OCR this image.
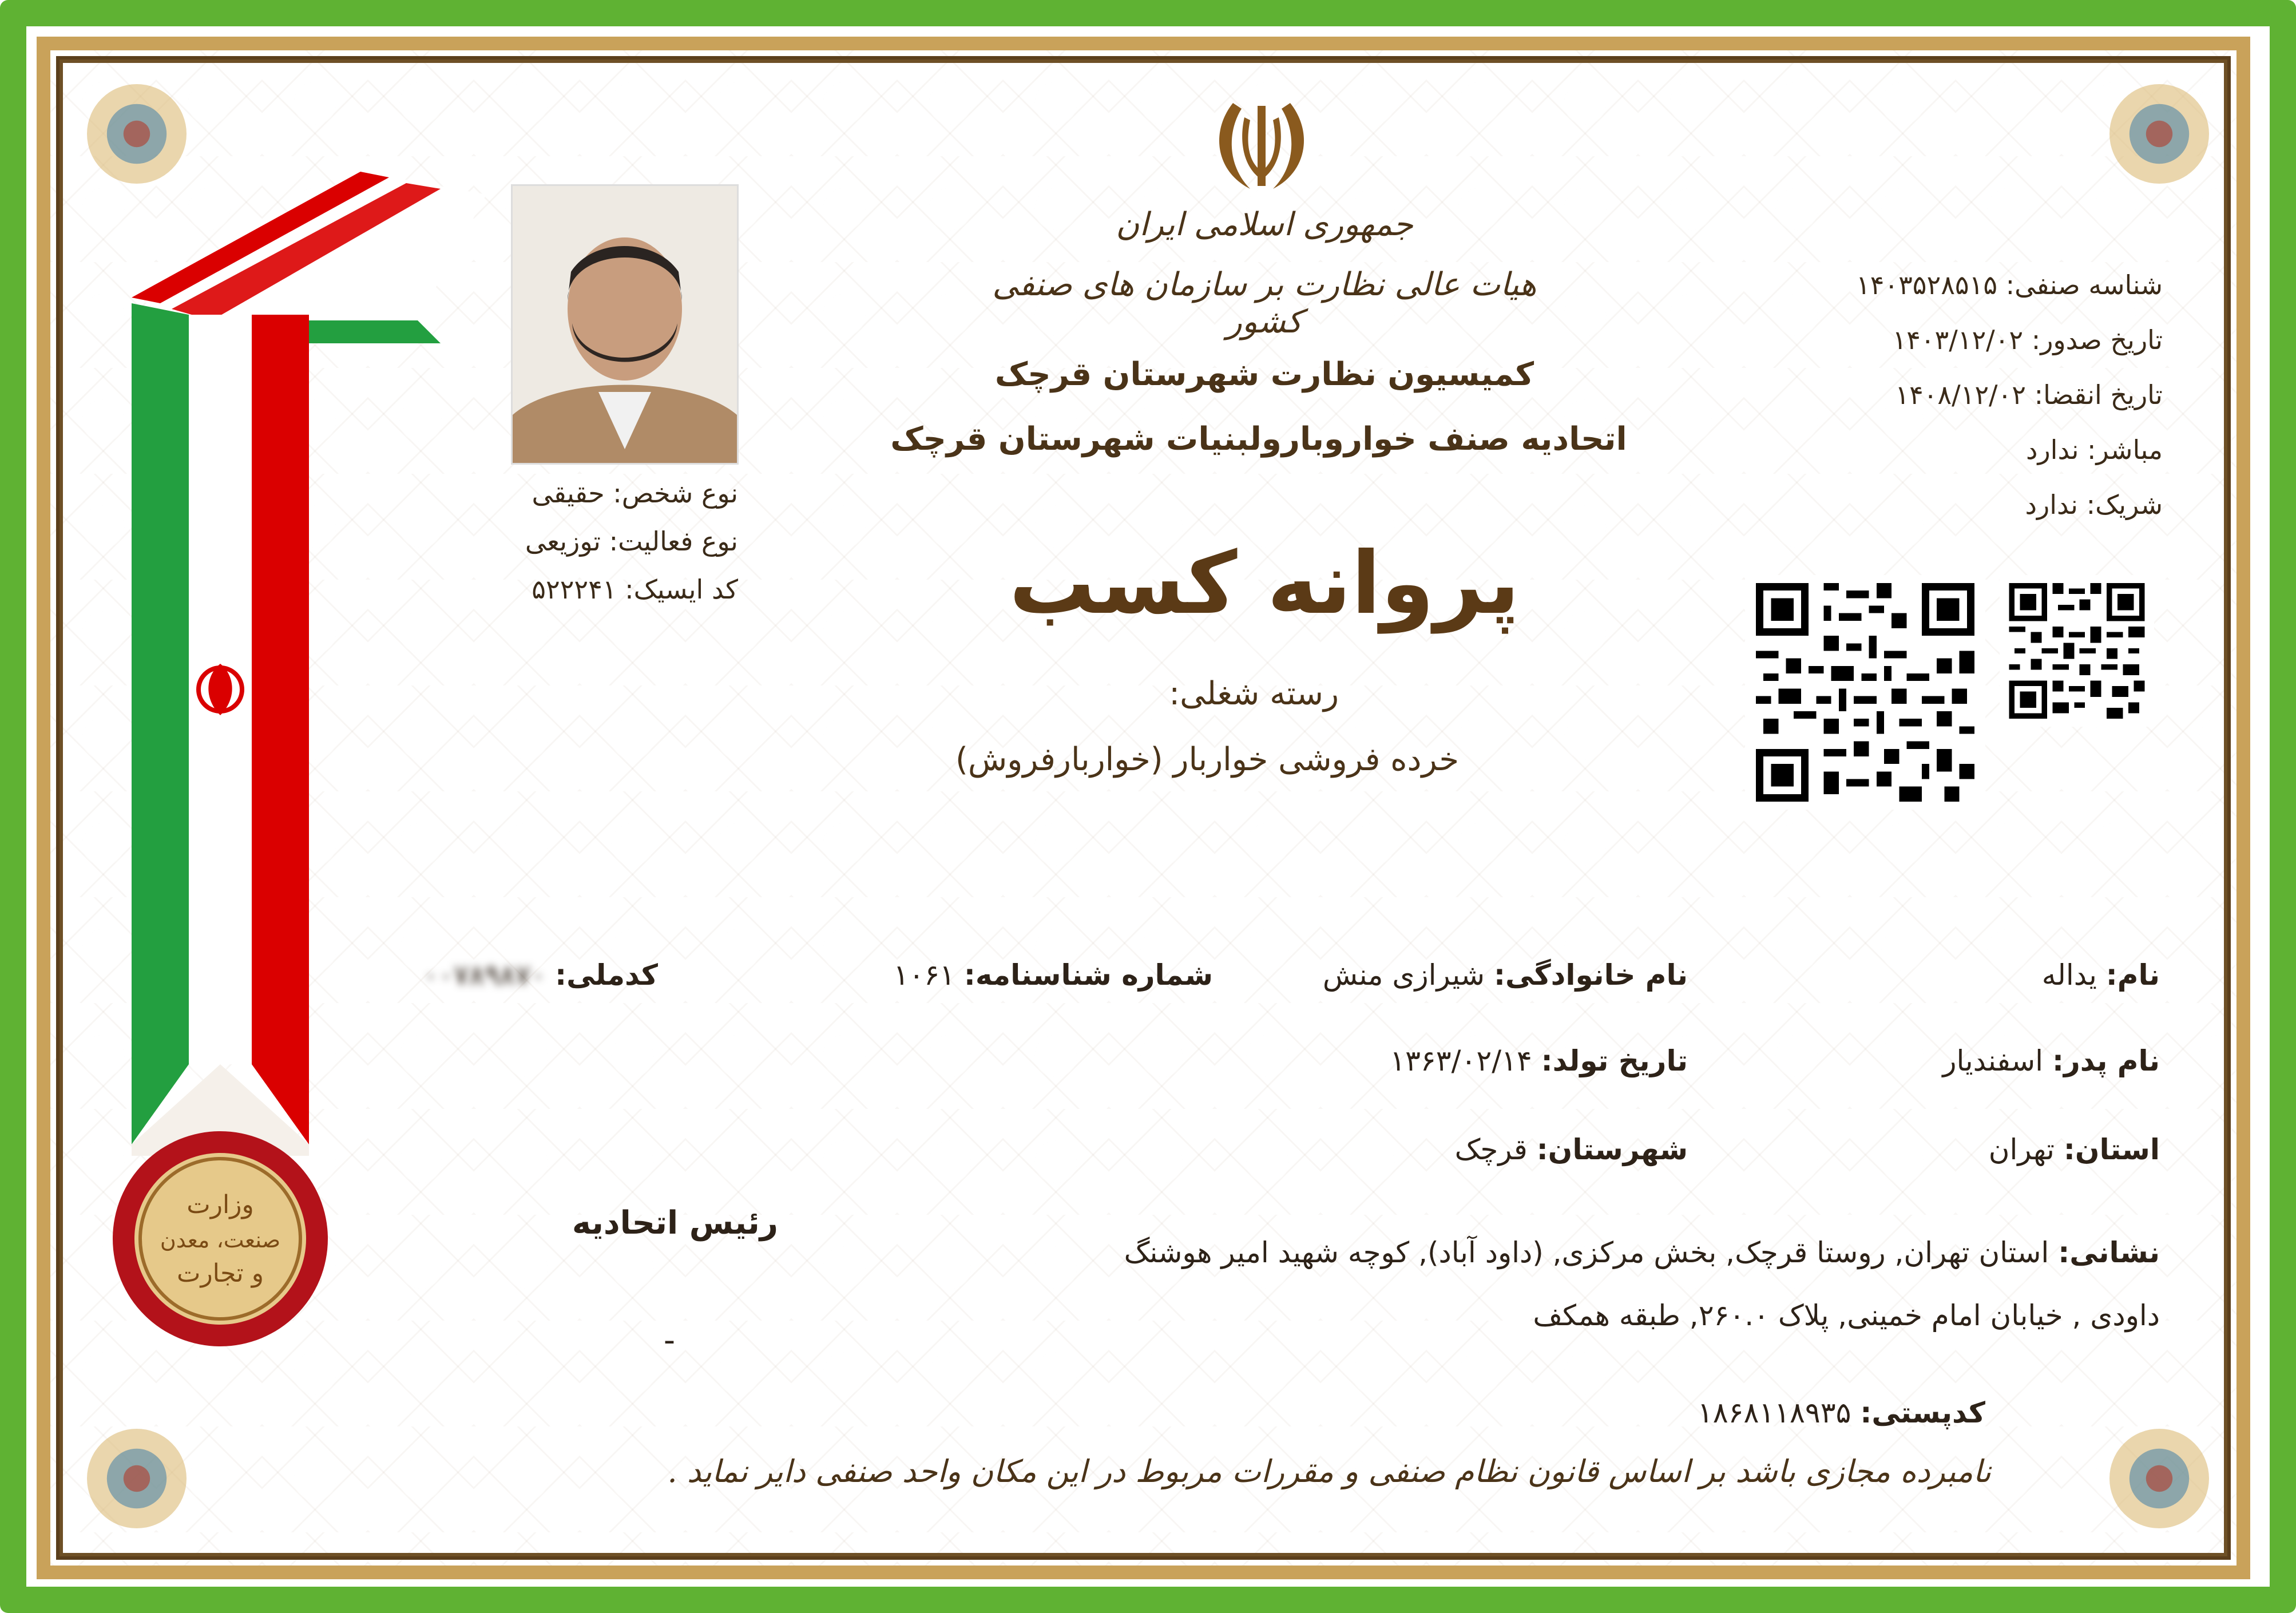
وزارت
صنعت، معدن
و تجارت
نوع شخص: حقیقی
نوع فعالیت: توزیعی
کد ایسیک: ۵۲۲۲۴۱
جمهوری اسلامی ایران
هیات عالی نظارت بر سازمان های صنفی کشور
کمیسیون نظارت شهرستان قرچک
اتحادیه صنف خواروبارولبنیات شهرستان قرچک
پروانه کسب
رسته شغلی:
خرده فروشی خواربار (خواربارفروش)
شناسه صنفی: ۱۴۰۳۵۲۸۵۱۵
تاریخ صدور: ۱۴۰۳/۱۲/۰۲
تاریخ انقضا: ۱۴۰۸/۱۲/۰۲
مباشر: ندارد
شریک: ندارد
نام: یداله
نام خانوادگی: شیرازی منش
شماره شناسنامه: ۱۰۶۱
کدملی: ۰۰۷۸۹۸۷۰
نام پدر: اسفندیار
تاریخ تولد: ۱۳۶۳/۰۲/۱۴
استان: تهران
شهرستان: قرچک
نشانی: استان تهران, روستا قرچک, بخش مرکزی, (داود آباد), کوچه شهید امیر هوشنگ
داودی , خیابان امام خمینی, پلاک ۲۶۰.۰, طبقه همکف
کدپستی: ۱۸۶۸۱۱۸۹۳۵
رئیس اتحادیه
-
نامبرده مجازی باشد بر اساس قانون نظام صنفی و مقررات مربوط در این مکان واحد صنفی دایر نماید .
